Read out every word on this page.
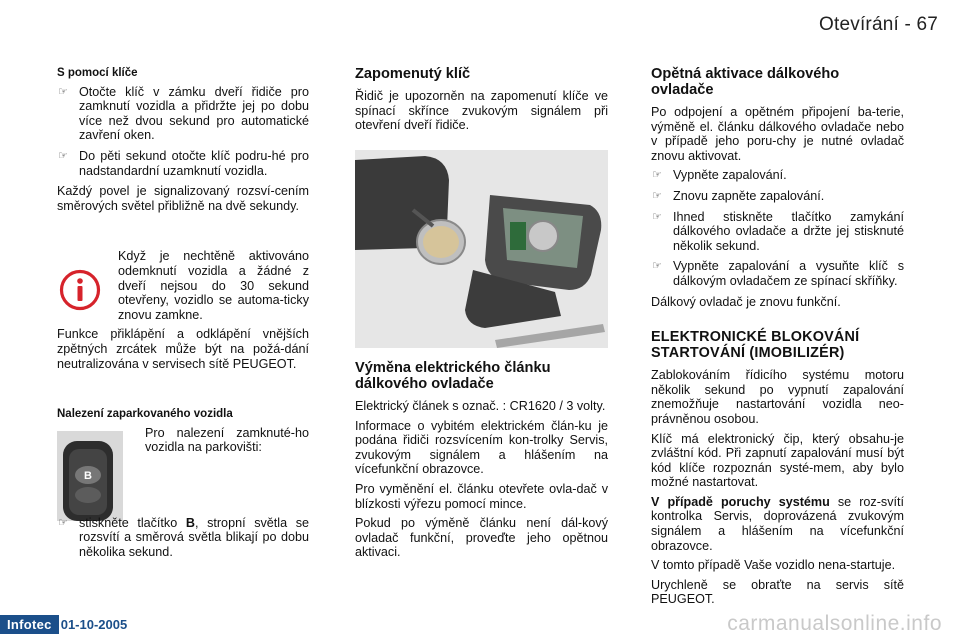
Otevírání - 67
S pomocí klíče
☞ Otočte klíč v zámku dveří řidiče pro zamknutí vozidla a přidržte jej po dobu více než dvou sekund pro automatické zavření oken.
☞ Do pěti sekund otočte klíč podru-hé pro nadstandardní uzamknutí vozidla.

Každý povel je signalizovaný rozsví-cením směrových světel přibližně na dvě sekundy.

Když je nechtěně aktivováno odemknutí vozidla a žádné z dveří nejsou do 30 sekund otevřeny, vozidlo se automa-ticky znovu zamkne.

Funkce přiklápění a odklápění vnějších zpětných zrcátek může být na požá-dání neutralizována v servisech sítě PEUGEOT.

Nalezení zaparkovaného vozidla
B

Pro nalezení zamknuté-ho vozidla na parkovišti:

☞ stiskněte tlačítko B, stropní světla se rozsvítí a směrová světla blikají po dobu několika sekund.
Zapomenutý klíč

Řidič je upozorněn na zapomenutí klíče ve spínací skřínce zvukovým signálem při otevření dveří řidiče.

Výměna elektrického článku dálkového ovladače

Elektrický článek s označ. : CR1620 / 3 volty.

Informace o vybitém elektrickém člán-ku je podána řidiči rozsvícením kon-trolky Servis, zvukovým signálem a hlášením na vícefunkční obrazovce.

Pro vyměnění el. článku otevřete ovla-dač v blízkosti výřezu pomocí mince.

Pokud po výměně článku není dál-kový ovladač funkční, proveďte jeho opětnou aktivaci.

Opětná aktivace dálkového ovladače

Po odpojení a opětném připojení ba-terie, výměně el. článku dálkového ovladače nebo v případě jeho poru-chy je nutné ovladač znovu aktivovat.

☞ Vypněte zapalování.
☞ Znovu zapněte zapalování.
☞ Ihned stiskněte tlačítko zamykání dálkového ovladače a držte jej stisknuté několik sekund.
☞ Vypněte zapalování a vysuňte klíč s dálkovým ovladačem ze spínací skříňky.

Dálkový ovladač je znovu funkční.

ELEKTRONICKÉ BLOKOVÁNÍ STARTOVÁNÍ (IMOBILIZÉR)

Zablokováním řídicího systému motoru několik sekund po vypnutí zapalování znemožňuje nastartování vozidla neo-právněnou osobou.

Klíč má elektronický čip, který obsahu-je zvláštní kód. Při zapnutí zapalování musí být kód klíče rozpoznán systé-mem, aby bylo možné nastartovat.

V případě poruchy systému se roz-svítí kontrolka Servis, doprovázená zvukovým signálem a hlášením na vícefunkční obrazovce.

V tomto případě Vaše vozidlo nena-startuje.

Urychleně se obraťte na servis sítě PEUGEOT.

Infotec 01-10-2005	carmanualsonline.info
